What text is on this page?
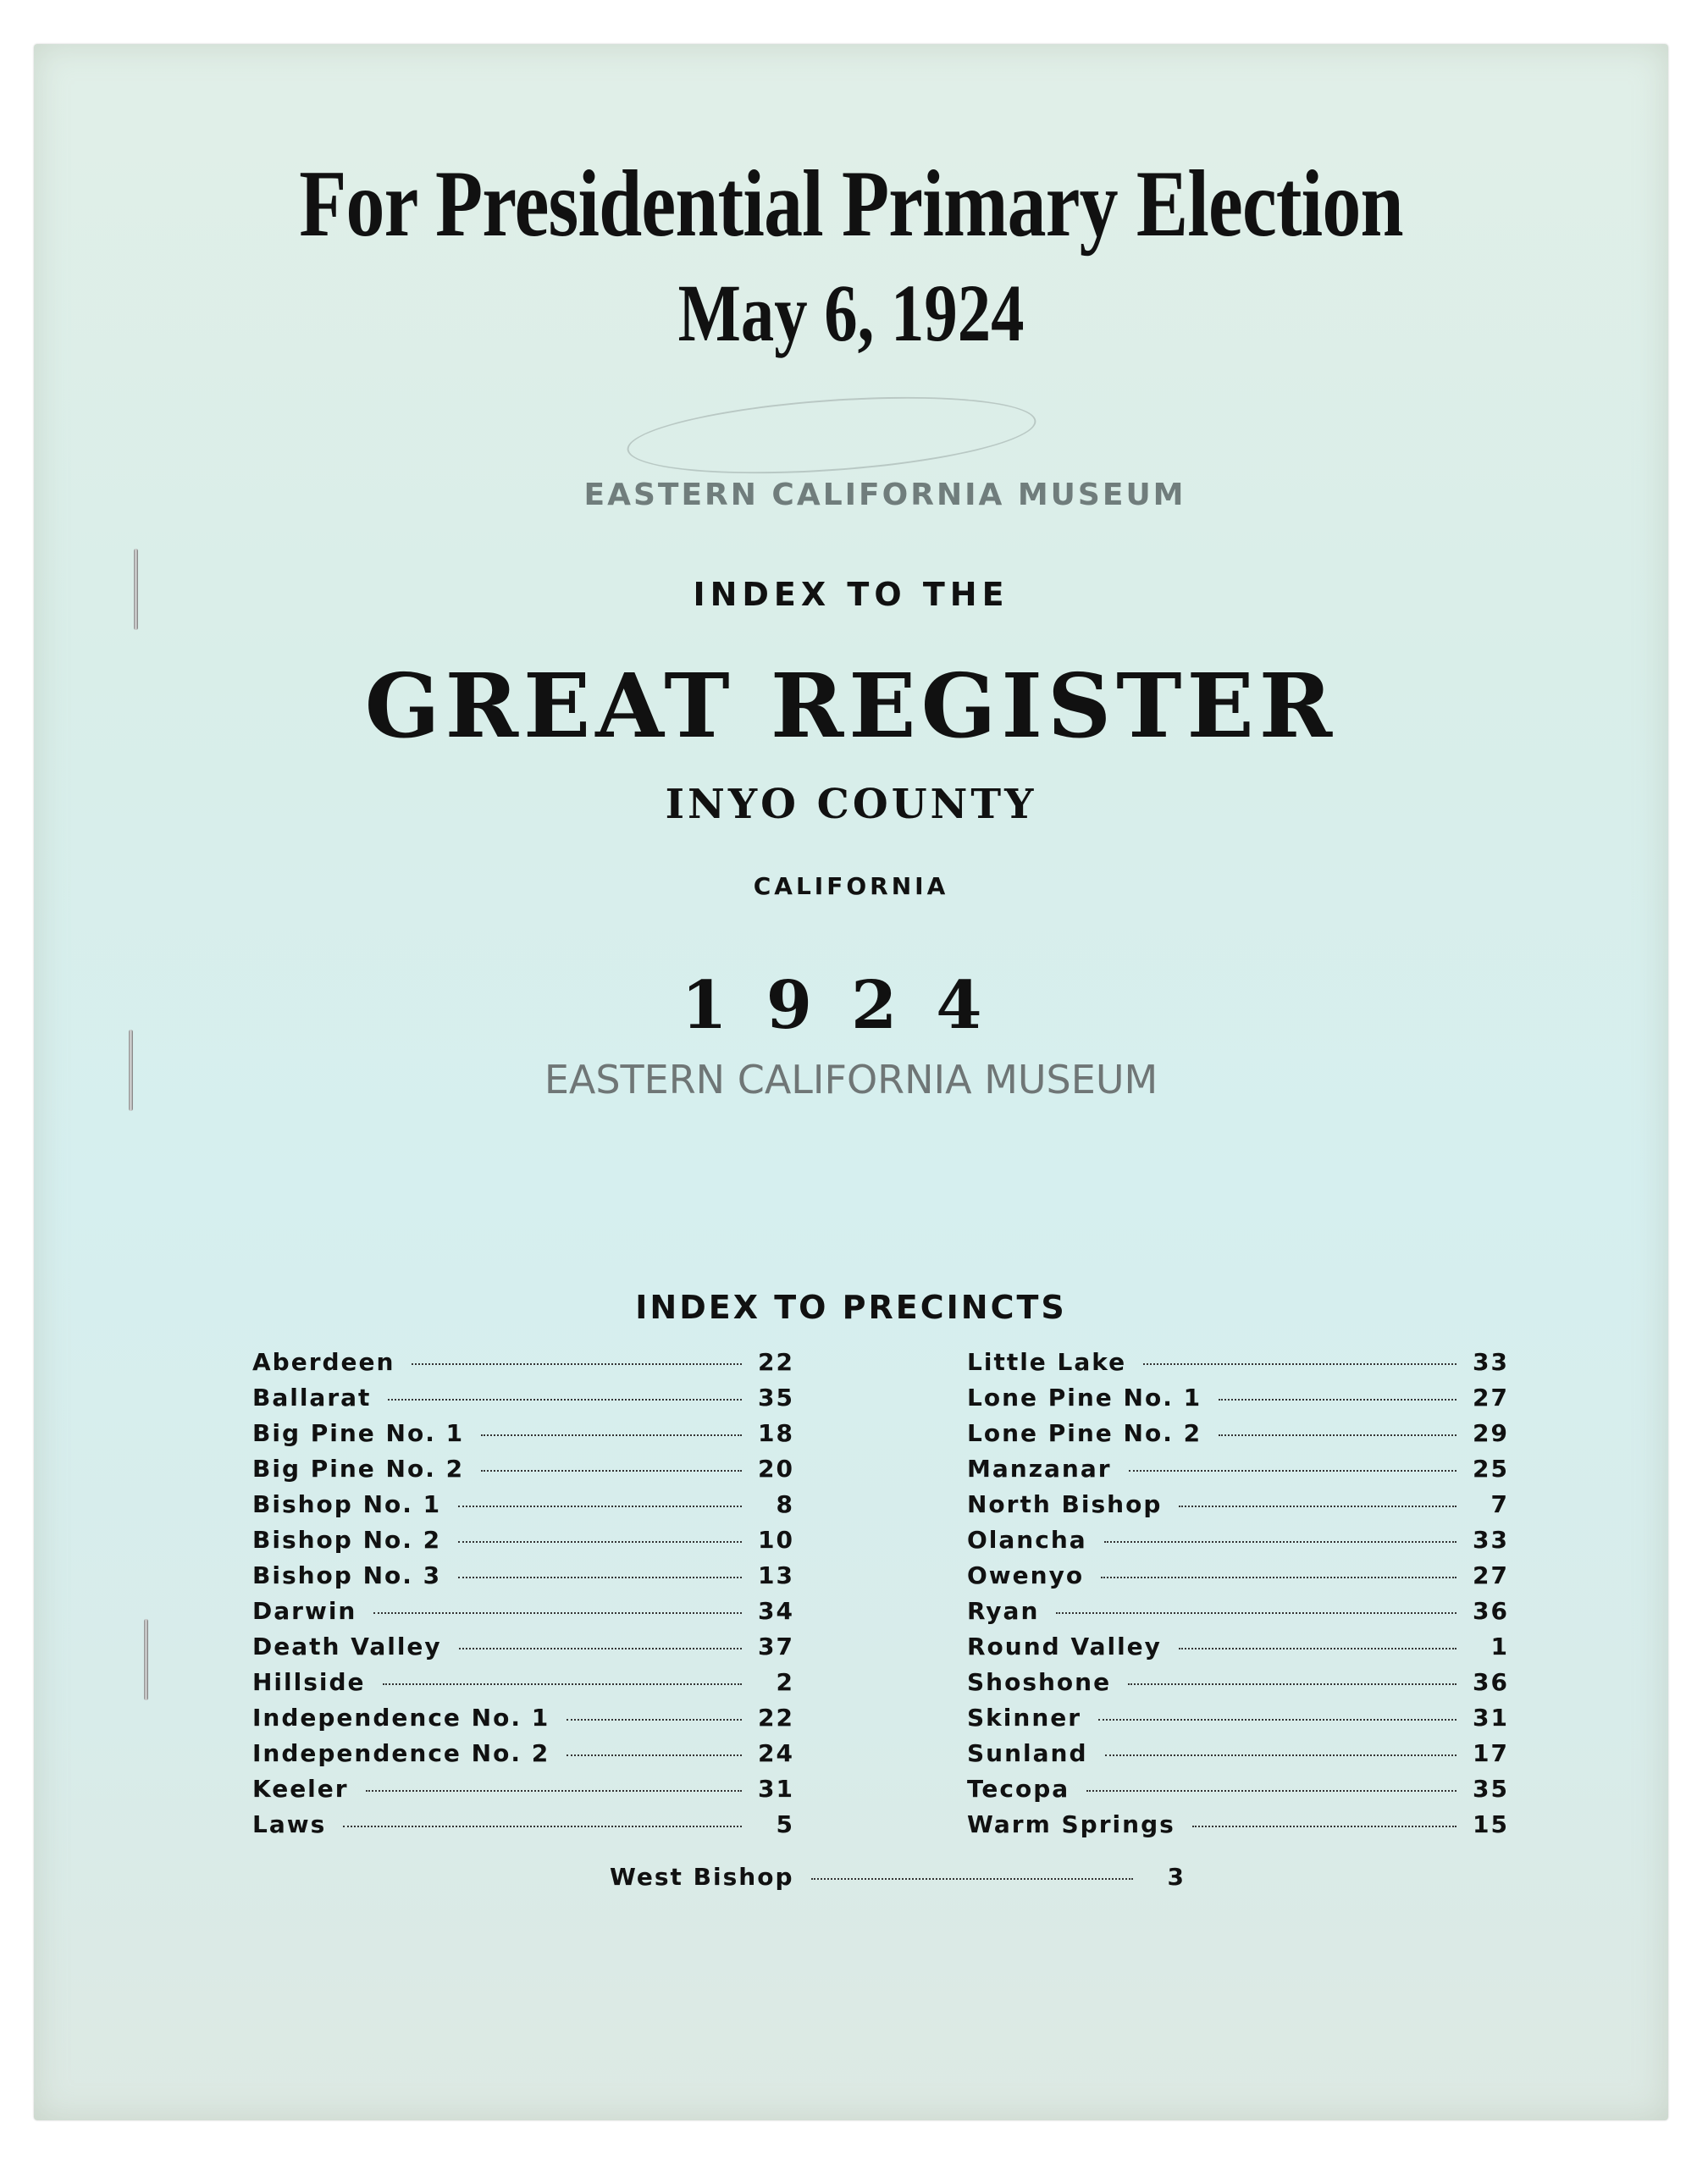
For Presidential Primary Election
May 6, 1924
EASTERN CALIFORNIA MUSEUM
INDEX TO THE
GREAT REGISTER
INYO COUNTY
CALIFORNIA
1924
EASTERN CALIFORNIA MUSEUM
INDEX TO PRECINCTS
Aberdeen	22
Ballarat	35
Big Pine No. 1	18
Big Pine No. 2	20
Bishop No. 1	8
Bishop No. 2	10
Bishop No. 3	13
Darwin	34
Death Valley	37
Hillside	2
Independence No. 1	22
Independence No. 2	24
Keeler	31
Laws	5
Little Lake	33
Lone Pine No. 1	27
Lone Pine No. 2	29
Manzanar	25
North Bishop	7
Olancha	33
Owenyo	27
Ryan	36
Round Valley	1
Shoshone	36
Skinner	31
Sunland	17
Tecopa	35
Warm Springs	15
West Bishop	3
